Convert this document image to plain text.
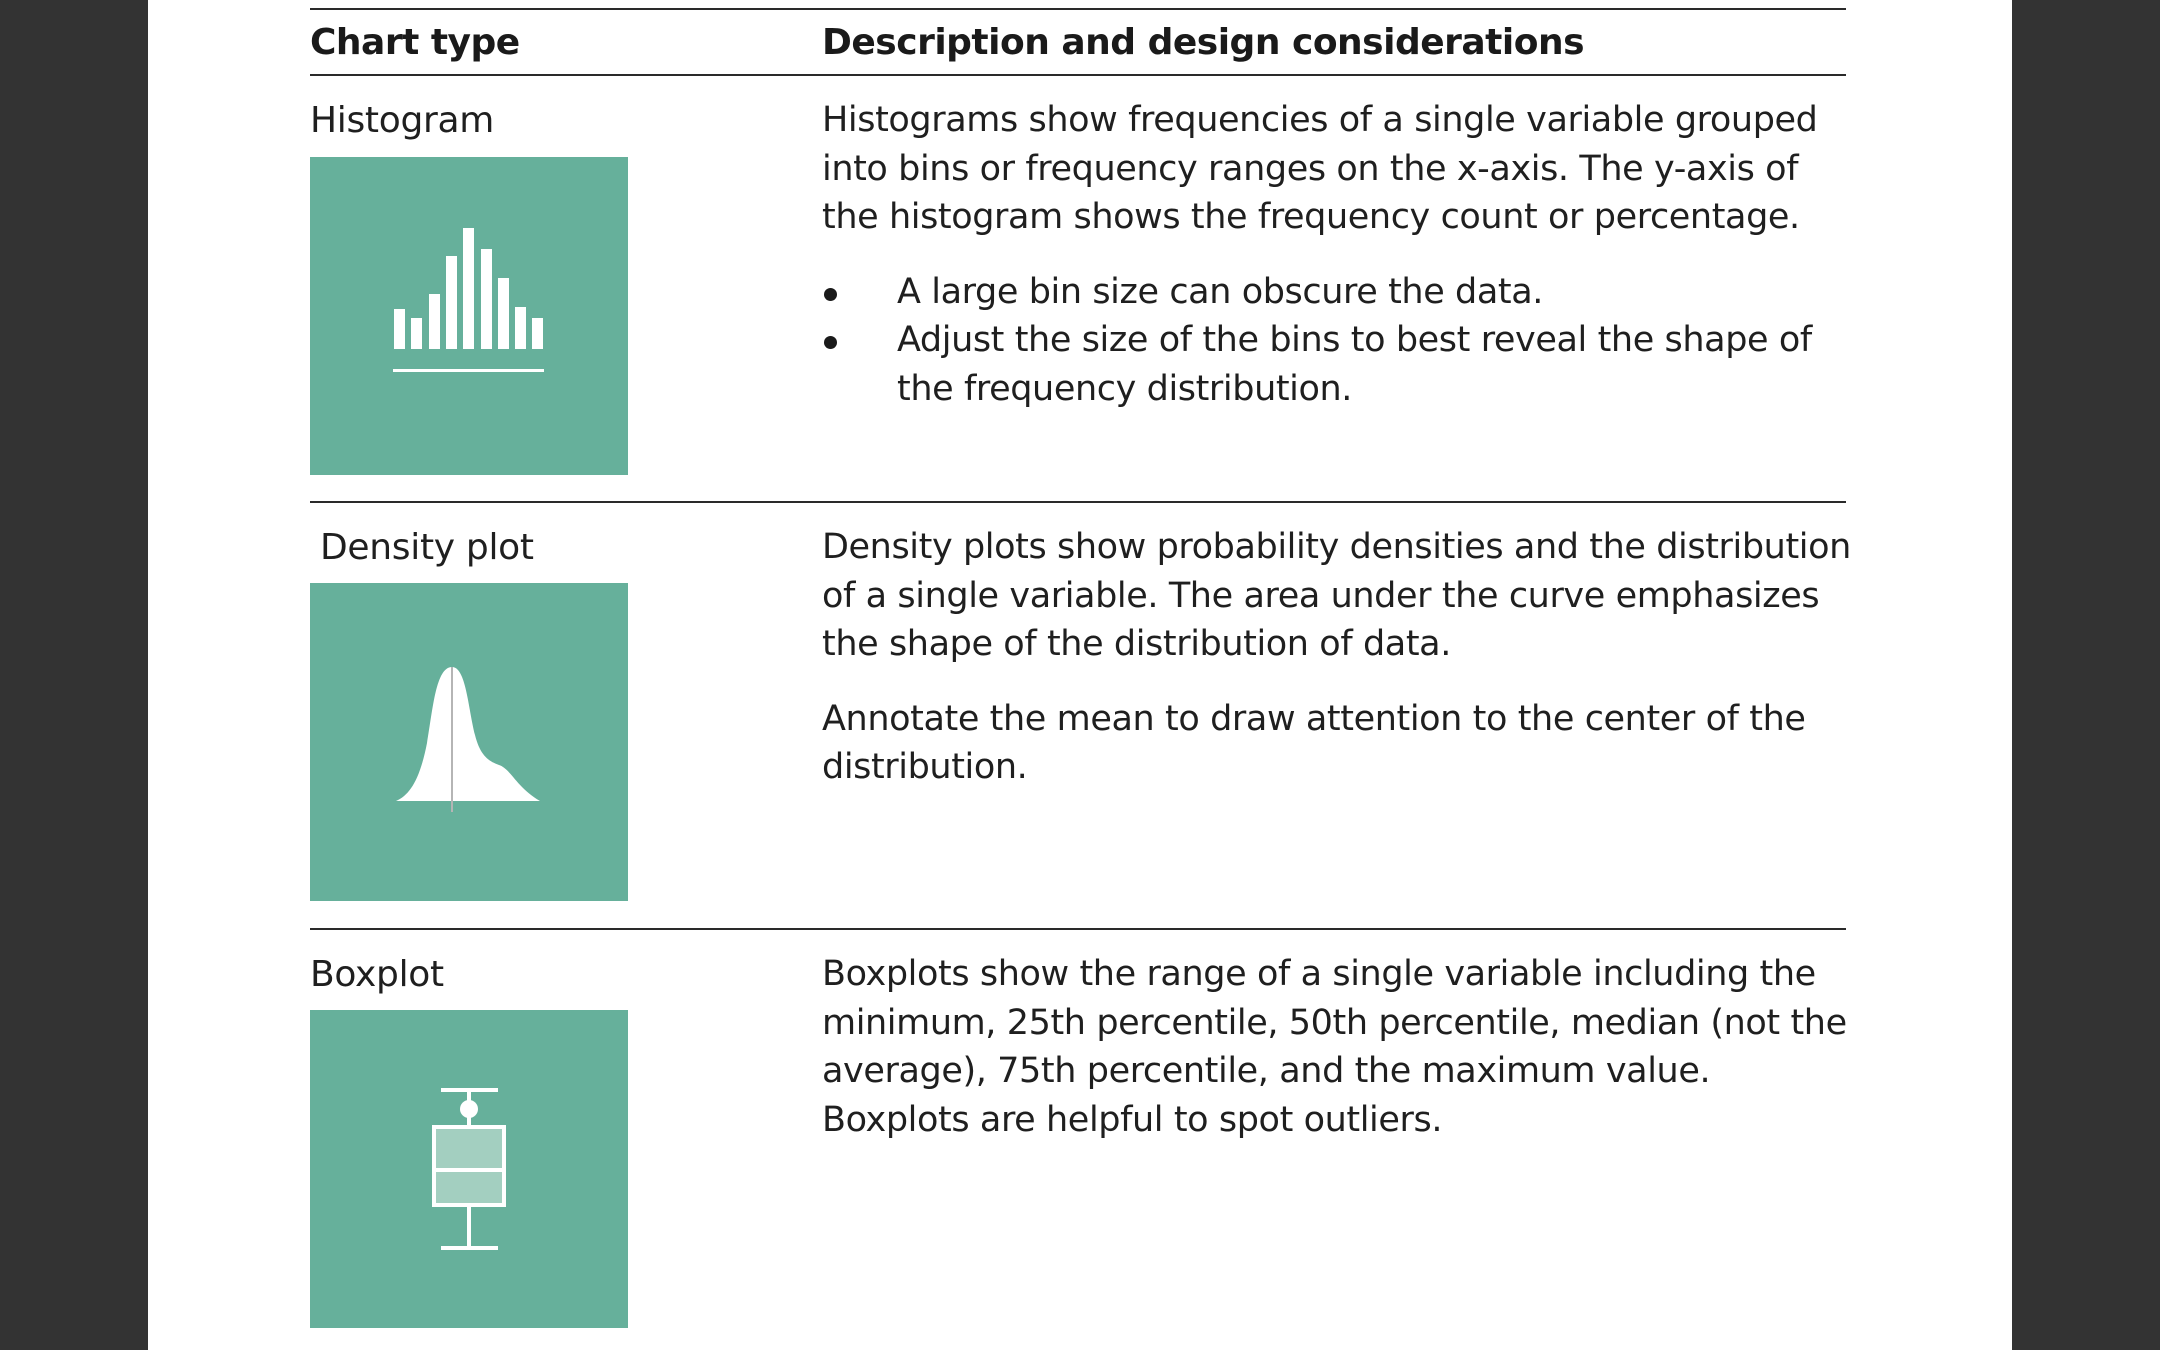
Chart type	Description and design considerations
Histogram	Histograms show frequencies of a single variable grouped into bins or frequency ranges on the x-axis. The y-axis of the histogram shows the frequency count or percentage.

A large bin size can obscure the data.
Adjust the size of the bins to best reveal the shape of the frequency distribution.
Density plot	Density plots show probability densities and the distribution of a single variable. The area under the curve emphasizes the shape of the distribution of data.

Annotate the mean to draw attention to the center of the distribution.

Boxplot	Boxplots show the range of a single variable including the minimum, 25th percentile, 50th percentile, median (not the average), 75th percentile, and the maximum value. Boxplots are helpful to spot outliers.
